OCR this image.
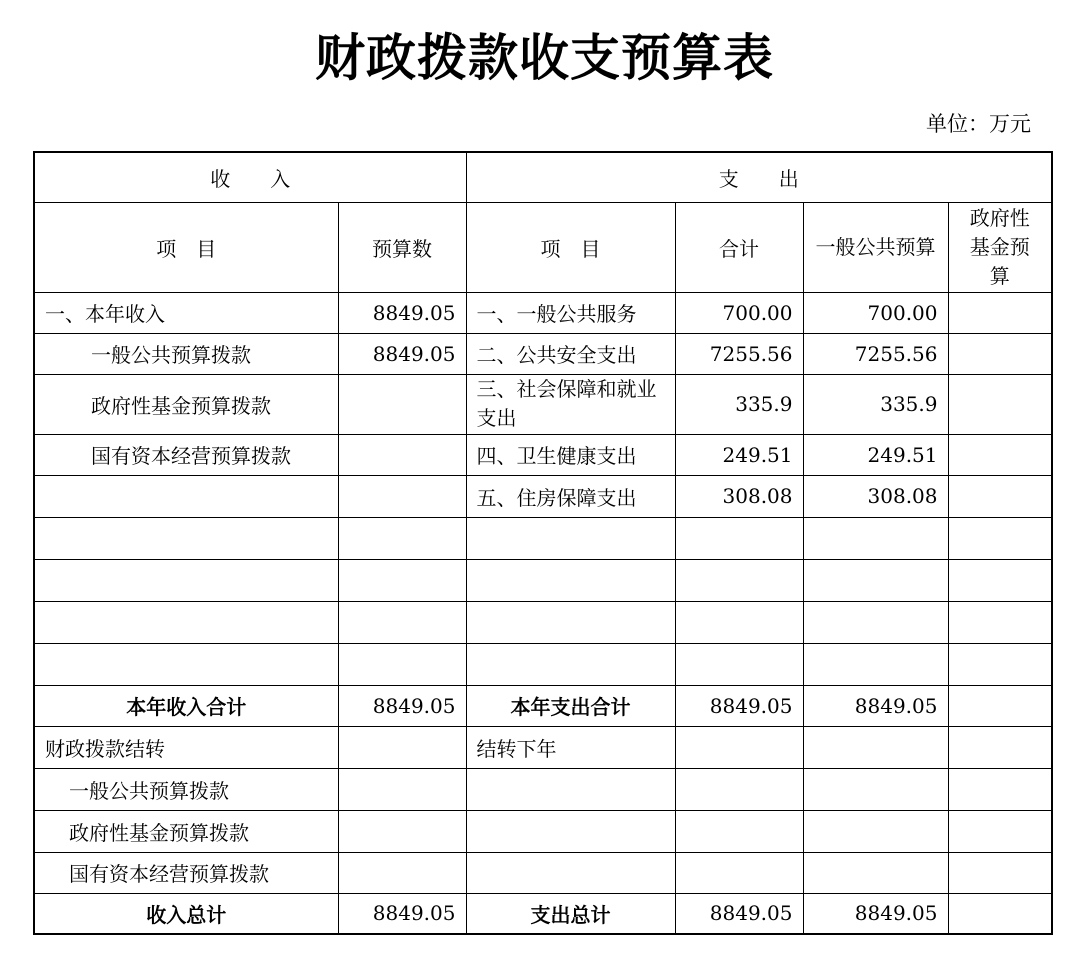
财政拨款收支预算表
单位：万元
收　　入		支　　出			
项　目	预算数	项　目	合计	一般公共预算	政府性基金预算
一、本年收入	8849.05	一、一般公共服务	700.00	700.00	
一般公共预算拨款	8849.05	二、公共安全支出	7255.56	7255.56	
政府性基金预算拨款		三、社会保障和就业支出	335.9	335.9	
国有资本经营预算拨款		四、卫生健康支出	249.51	249.51	
		五、住房保障支出	308.08	308.08	

本年收入合计	8849.05	本年支出合计	8849.05	8849.05	
财政拨款结转		结转下年			
一般公共预算拨款					
政府性基金预算拨款					
国有资本经营预算拨款					
收入总计	8849.05	支出总计	8849.05	8849.05	
